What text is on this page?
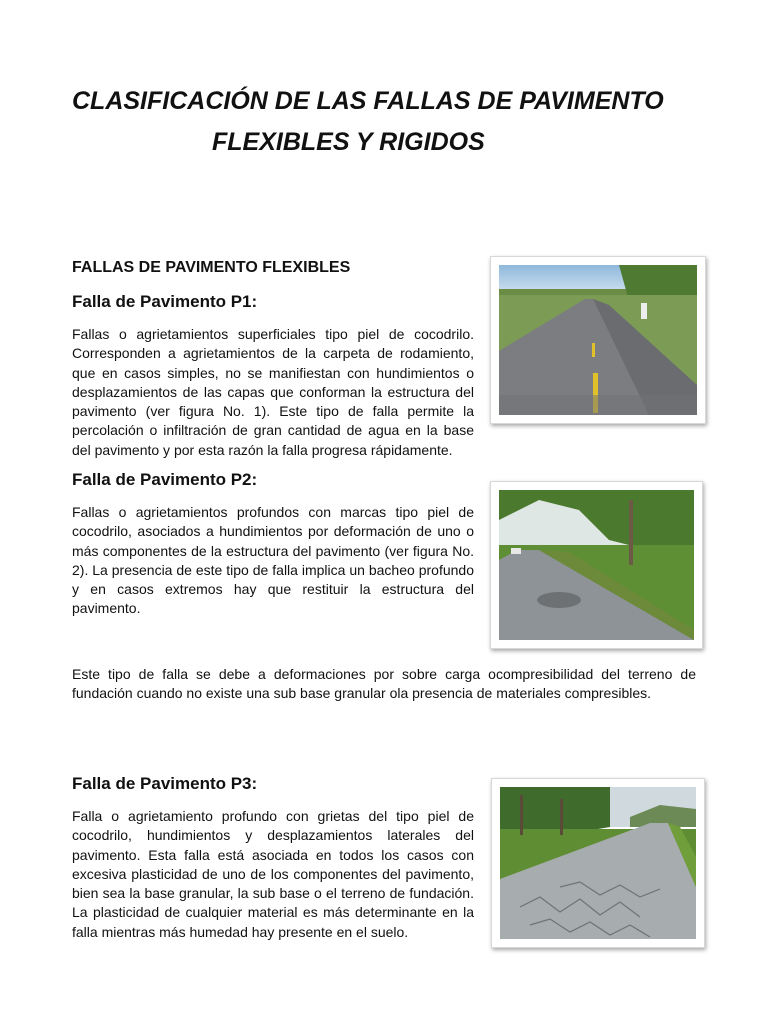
CLASIFICACIÓN DE LAS FALLAS DE PAVIMENTO
FLEXIBLES Y RIGIDOS
FALLAS DE PAVIMENTO FLEXIBLES
Falla de Pavimento P1:
Fallas o agrietamientos superficiales tipo piel de cocodrilo. Corresponden a agrietamientos de la carpeta de rodamiento, que en casos simples, no se manifiestan con hundimientos o desplazamientos de las capas que conforman la estructura del pavimento (ver figura No. 1). Este tipo de falla permite la percolación o infiltración de gran cantidad de agua en la base del pavimento y por esta razón la falla progresa rápidamente.
Falla de Pavimento P2:
Fallas o agrietamientos profundos con marcas tipo piel de cocodrilo, asociados a hundimientos por deformación de uno o más componentes de la estructura del pavimento (ver figura No. 2). La presencia de este tipo de falla implica un bacheo profundo y en casos extremos hay que restituir la estructura del pavimento.
Este tipo de falla se debe a deformaciones por sobre carga ocompresibilidad del terreno de fundación cuando no existe una sub base granular ola presencia de materiales compresibles.
Falla de Pavimento P3:
Falla o agrietamiento profundo con grietas del tipo piel de cocodrilo, hundimientos y desplazamientos laterales del pavimento. Esta falla está asociada en todos los casos con excesiva plasticidad de uno de los componentes del pavimento, bien sea la base granular, la sub base o el terreno de fundación. La plasticidad de cualquier material es más determinante en la falla mientras más humedad hay presente en el suelo.
